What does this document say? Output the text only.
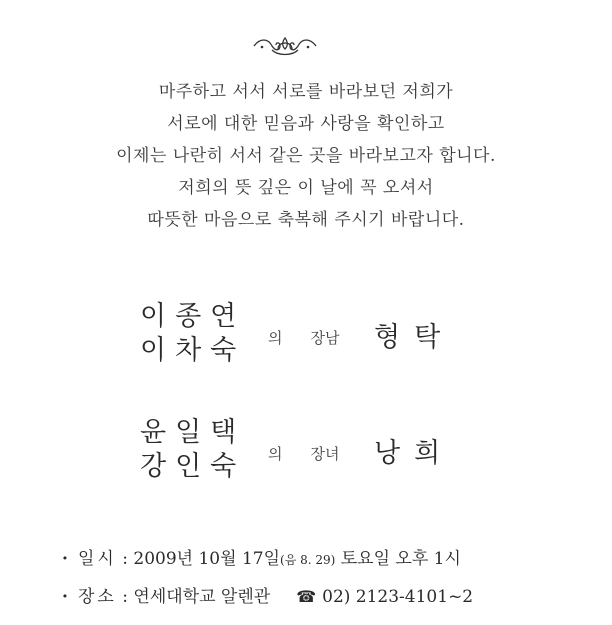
마주하고 서서 서로를 바라보던 저희가
서로에 대한 믿음과 사랑을 확인하고
이제는 나란히 서서 같은 곳을 바라보고자 합니다.
저희의 뜻 깊은 이 날에 꼭 오셔서
따뜻한 마음으로 축복해 주시기 바랍니다.
이종연
이차숙	의 장남 형탁
윤일택
강인숙	의 장녀 낭희
· 일시 : 2009년 10월 17일(음 8. 29) 토요일 오후 1시
· 장소 : 연세대학교 알렌관 ☎ 02) 2123-4101~2
